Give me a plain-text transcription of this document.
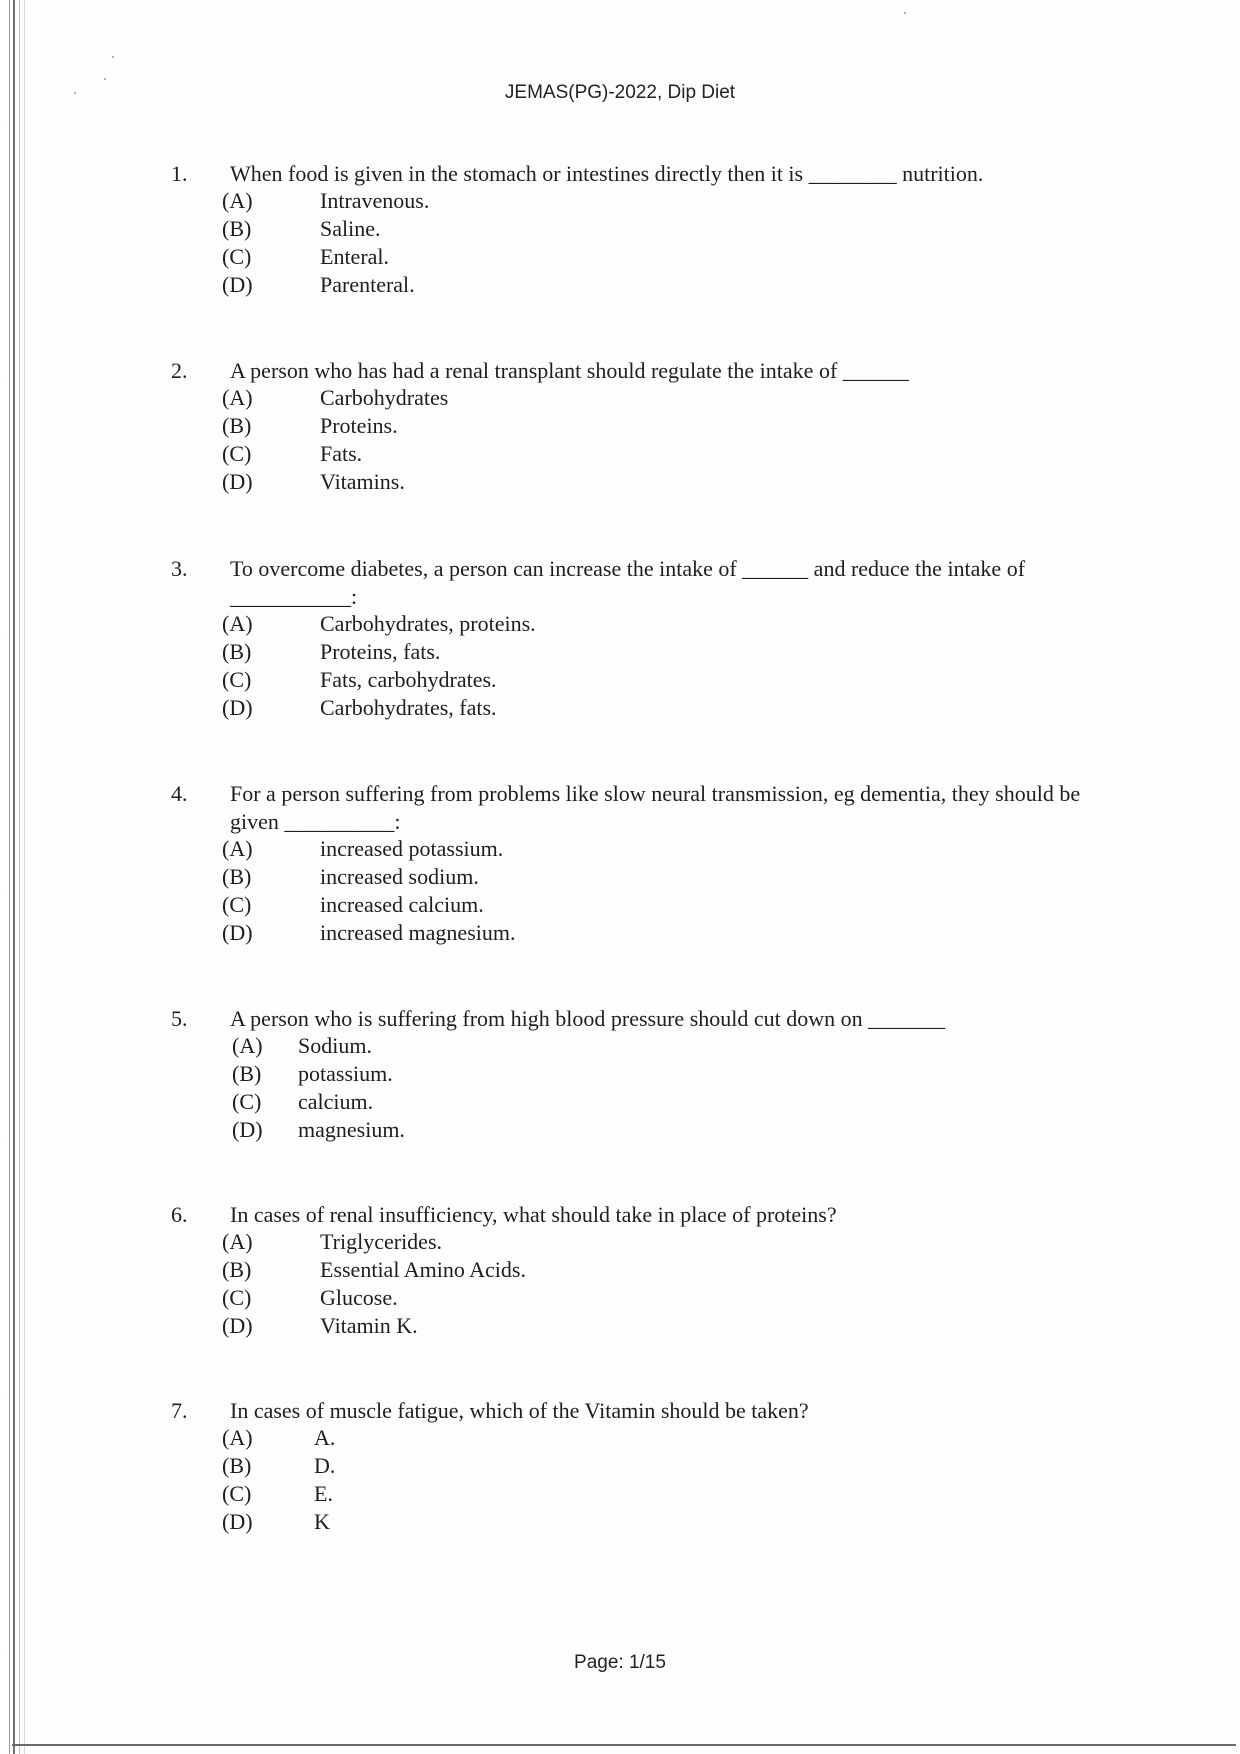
JEMAS(PG)-2022, Dip Diet
1. When food is given in the stomach or intestines directly then it is ________ nutrition.
(A)	Intravenous.
(B)	Saline.
(C)	Enteral.
(D)	Parenteral.
2. A person who has had a renal transplant should regulate the intake of ______
(A)	Carbohydrates
(B)	Proteins.
(C)	Fats.
(D)	Vitamins.
3. To overcome diabetes, a person can increase the intake of ______ and reduce the intake of ___________:
(A)	Carbohydrates, proteins.
(B)	Proteins, fats.
(C)	Fats, carbohydrates.
(D)	Carbohydrates, fats.
4. For a person suffering from problems like slow neural transmission, eg dementia, they should be given __________:
(A)	increased potassium.
(B)	increased sodium.
(C)	increased calcium.
(D)	increased magnesium.
5. A person who is suffering from high blood pressure should cut down on _______
(A) Sodium.
(B) potassium.
(C) calcium.
(D) magnesium.
6. In cases of renal insufficiency, what should take in place of proteins?
(A)	Triglycerides.
(B)	Essential Amino Acids.
(C)	Glucose.
(D)	Vitamin K.
7. In cases of muscle fatigue, which of the Vitamin should be taken?
(A)	A.
(B)	D.
(C)	E.
(D)	K
Page: 1/15
